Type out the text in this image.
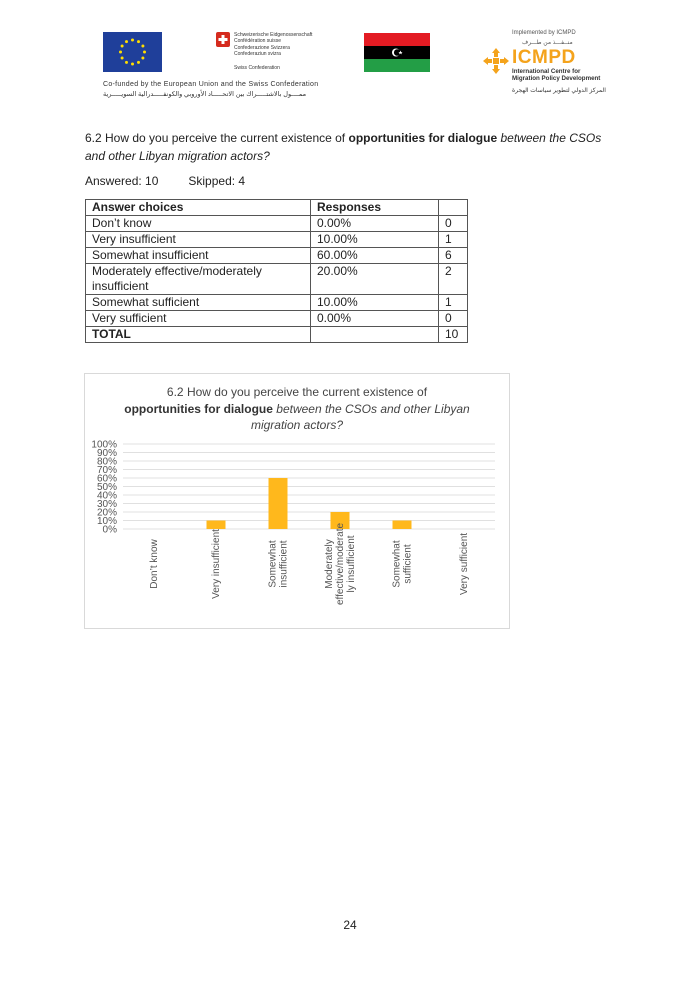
Schweizerische Eidgenossenschaft
Confédération suisse
Confederazione Svizzera
Confederaziun svizra
Swiss Confederation
Implemented by ICMPD
منــفـــذ من طـــرف
ICMPD
International Centre for
Migration Policy Development
المركز الدولي لتطوير سياسات الهجرة
Co-funded by the European Union and the Swiss Confederation
ممــــول بالاشتـــــراك بين الاتحـــــاد الأوروبي والكونفـــــدرالية السويـــــرية
6.2 How do you perceive the current existence of opportunities for dialogue between the CSOs and other Libyan migration actors?
Answered: 10	Skipped: 4
Answer choices	Responses	
Don’t know	0.00%	0
Very insufficient	10.00%	1
Somewhat insufficient	60.00%	6
Moderately effective/moderately insufficient	20.00%	2
Somewhat sufficient	10.00%	1
Very sufficient	0.00%	0
TOTAL		10
6.2 How do you perceive the current existence of
opportunities for dialogue between the CSOs and other Libyan
migration actors?
100%
90%
80%
70%
60%
50%
40%
30%
20%
10%
0%
Don’t know	Very insufficient	Somewhatinsufficient	Moderatelyeffective/moderately insufficient	Somewhatsufficient	Very sufficient
24
